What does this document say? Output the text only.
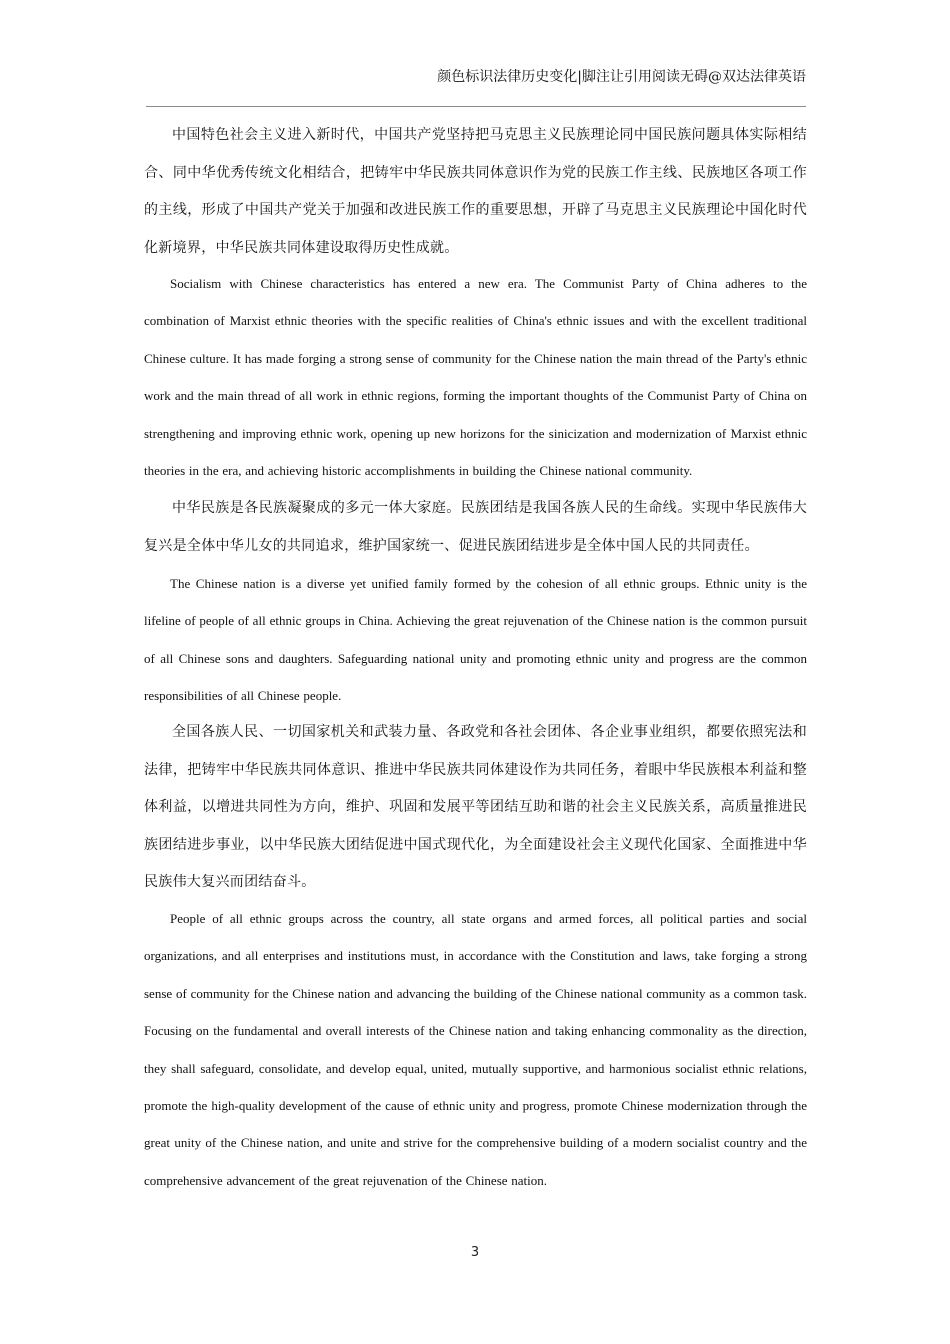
颜色标识法律历史变化|脚注让引用阅读无碍@双达法律英语

中国特色社会主义进入新时代，中国共产党坚持把马克思主义民族理论同中国民族问题具体实际相结合、同中华优秀传统文化相结合，把铸牢中华民族共同体意识作为党的民族工作主线、民族地区各项工作的主线，形成了中国共产党关于加强和改进民族工作的重要思想，开辟了马克思主义民族理论中国化时代化新境界，中华民族共同体建设取得历史性成就。

Socialism with Chinese characteristics has entered a new era. The Communist Party of China adheres to the combination of Marxist ethnic theories with the specific realities of China's ethnic issues and with the excellent traditional Chinese culture. It has made forging a strong sense of community for the Chinese nation the main thread of the Party's ethnic work and the main thread of all work in ethnic regions, forming the important thoughts of the Communist Party of China on strengthening and improving ethnic work, opening up new horizons for the sinicization and modernization of Marxist ethnic theories in the era, and achieving historic accomplishments in building the Chinese national community.

中华民族是各民族凝聚成的多元一体大家庭。民族团结是我国各族人民的生命线。实现中华民族伟大复兴是全体中华儿女的共同追求，维护国家统一、促进民族团结进步是全体中国人民的共同责任。

The Chinese nation is a diverse yet unified family formed by the cohesion of all ethnic groups. Ethnic unity is the lifeline of people of all ethnic groups in China. Achieving the great rejuvenation of the Chinese nation is the common pursuit of all Chinese sons and daughters. Safeguarding national unity and promoting ethnic unity and progress are the common responsibilities of all Chinese people.

全国各族人民、一切国家机关和武装力量、各政党和各社会团体、各企业事业组织，都要依照宪法和法律，把铸牢中华民族共同体意识、推进中华民族共同体建设作为共同任务，着眼中华民族根本利益和整体利益，以增进共同性为方向，维护、巩固和发展平等团结互助和谐的社会主义民族关系，高质量推进民族团结进步事业，以中华民族大团结促进中国式现代化，为全面建设社会主义现代化国家、全面推进中华民族伟大复兴而团结奋斗。

People of all ethnic groups across the country, all state organs and armed forces, all political parties and social organizations, and all enterprises and institutions must, in accordance with the Constitution and laws, take forging a strong sense of community for the Chinese nation and advancing the building of the Chinese national community as a common task. Focusing on the fundamental and overall interests of the Chinese nation and taking enhancing commonality as the direction, they shall safeguard, consolidate, and develop equal, united, mutually supportive, and harmonious socialist ethnic relations, promote the high-quality development of the cause of ethnic unity and progress, promote Chinese modernization through the great unity of the Chinese nation, and unite and strive for the comprehensive building of a modern socialist country and the comprehensive advancement of the great rejuvenation of the Chinese nation.

3
